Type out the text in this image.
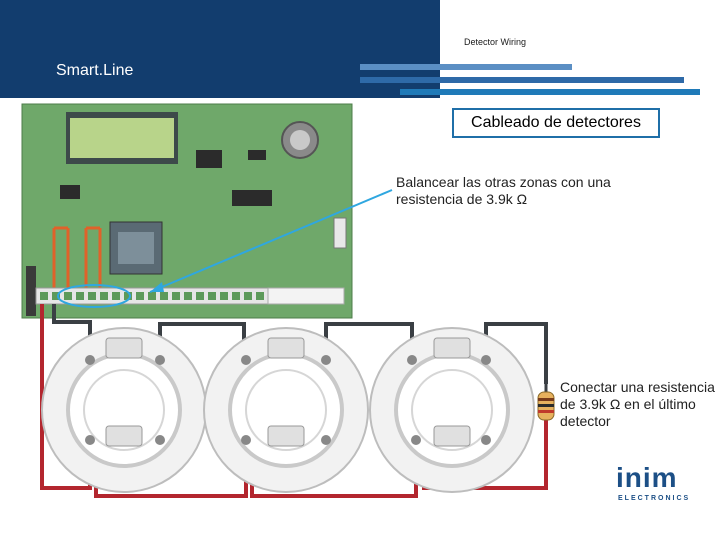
Detector Wiring
Smart.Line
Cableado de detectores
Balancear las otras zonas con una resistencia de 3.9k Ω
Conectar una resistencia de 3.9k Ω en el último detector
inim
ELECTRONICS
